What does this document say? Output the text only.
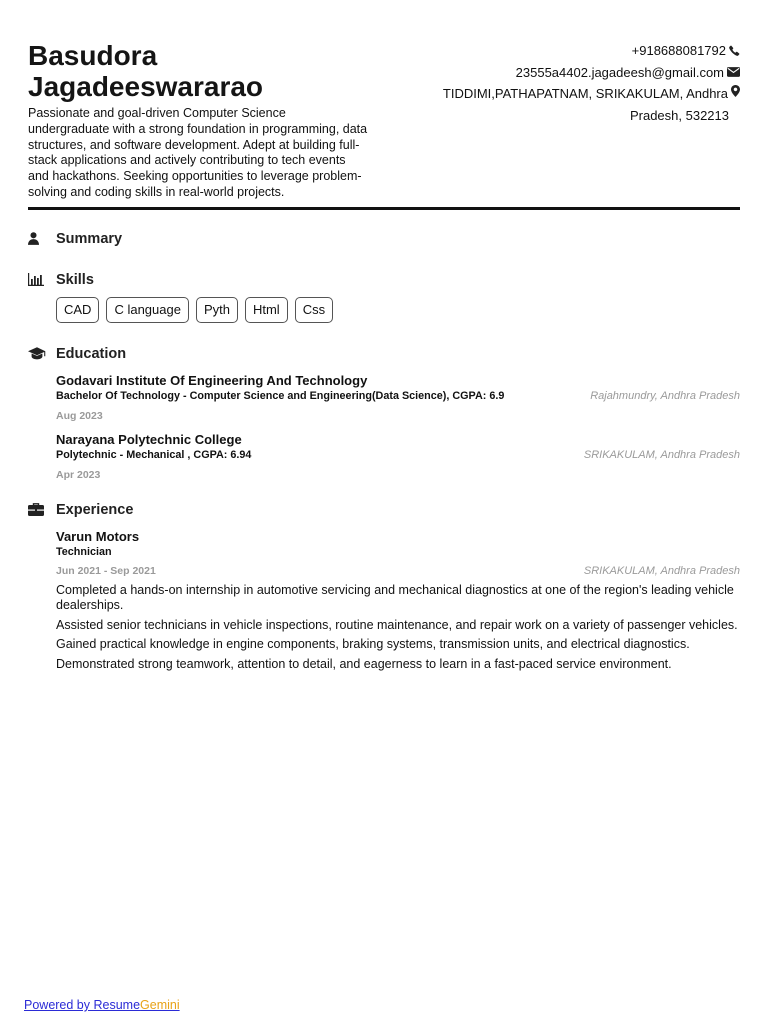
Basudora
Jagadeeswararao
Passionate and goal-driven Computer Science undergraduate with a strong foundation in programming, data structures, and software development. Adept at building full-stack applications and actively contributing to tech events and hackathons. Seeking opportunities to leverage problem-solving and coding skills in real-world projects.
+918688081792
23555a4402.jagadeesh@gmail.com
TIDDIMI,PATHAPATNAM, SRIKAKULAM, Andhra

Pradesh, 532213
Summary
Skills
CAD	C language	Pyth	Html	Css
Education
Godavari Institute Of Engineering And Technology
Bachelor Of Technology - Computer Science and Engineering(Data Science), CGPA: 6.9	Rajahmundry, Andhra Pradesh
Aug 2023
Narayana Polytechnic College
Polytechnic - Mechanical , CGPA: 6.94	SRIKAKULAM, Andhra Pradesh
Apr 2023
Experience
Varun Motors
Technician
Jun 2021 - Sep 2021	SRIKAKULAM, Andhra Pradesh
Completed a hands-on internship in automotive servicing and mechanical diagnostics at one of the region's leading vehicle dealerships.
Assisted senior technicians in vehicle inspections, routine maintenance, and repair work on a variety of passenger vehicles.
Gained practical knowledge in engine components, braking systems, transmission units, and electrical diagnostics.
Demonstrated strong teamwork, attention to detail, and eagerness to learn in a fast-paced service environment.
Powered by ResumeGemini
